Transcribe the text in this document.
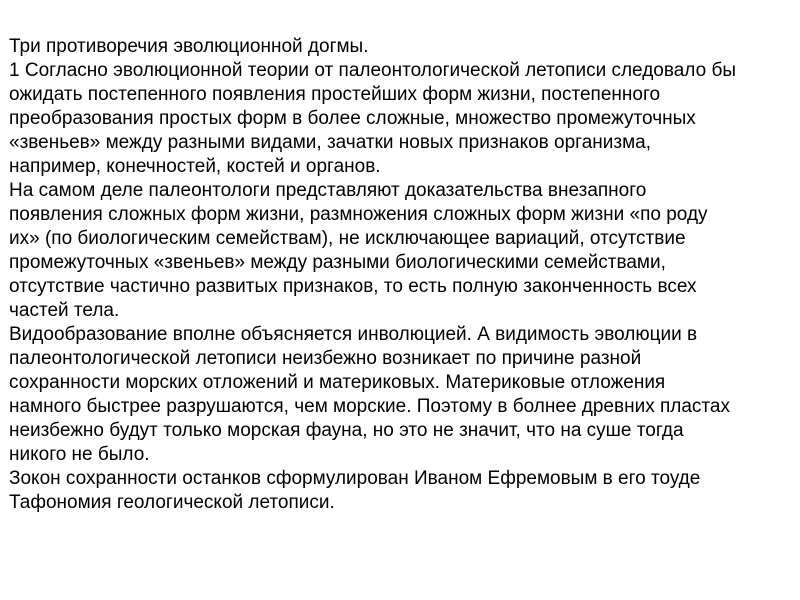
Три противоречия эволюционной догмы.
1 Согласно эволюционной теории от палеонтологической летописи следовало бы
ожидать постепенного появления простейших форм жизни, постепенного
преобразования простых форм в более сложные, множество промежуточных
«звеньев» между разными видами, зачатки новых признаков организма,
например, конечностей, костей и органов.
На самом деле палеонтологи представляют доказательства внезапного
появления сложных форм жизни, размножения сложных форм жизни «по роду
их» (по биологическим семействам), не исключающее вариаций, отсутствие
промежуточных «звеньев» между разными биологическими семействами,
отсутствие частично развитых признаков, то есть полную законченность всех
частей тела.
Видообразование вполне объясняется инволюцией. А видимость эволюции в
палеонтологической летописи неизбежно возникает по причине разной
сохранности морских отложений и материковых. Материковые отложения
намного быстрее разрушаются, чем морские. Поэтому в болнее древних пластах
неизбежно будут только морская фауна, но это не значит, что на суше тогда
никого не было.
Зокон сохранности останков сформулирован Иваном Ефремовым в его тоуде
Тафономия геологической летописи.
